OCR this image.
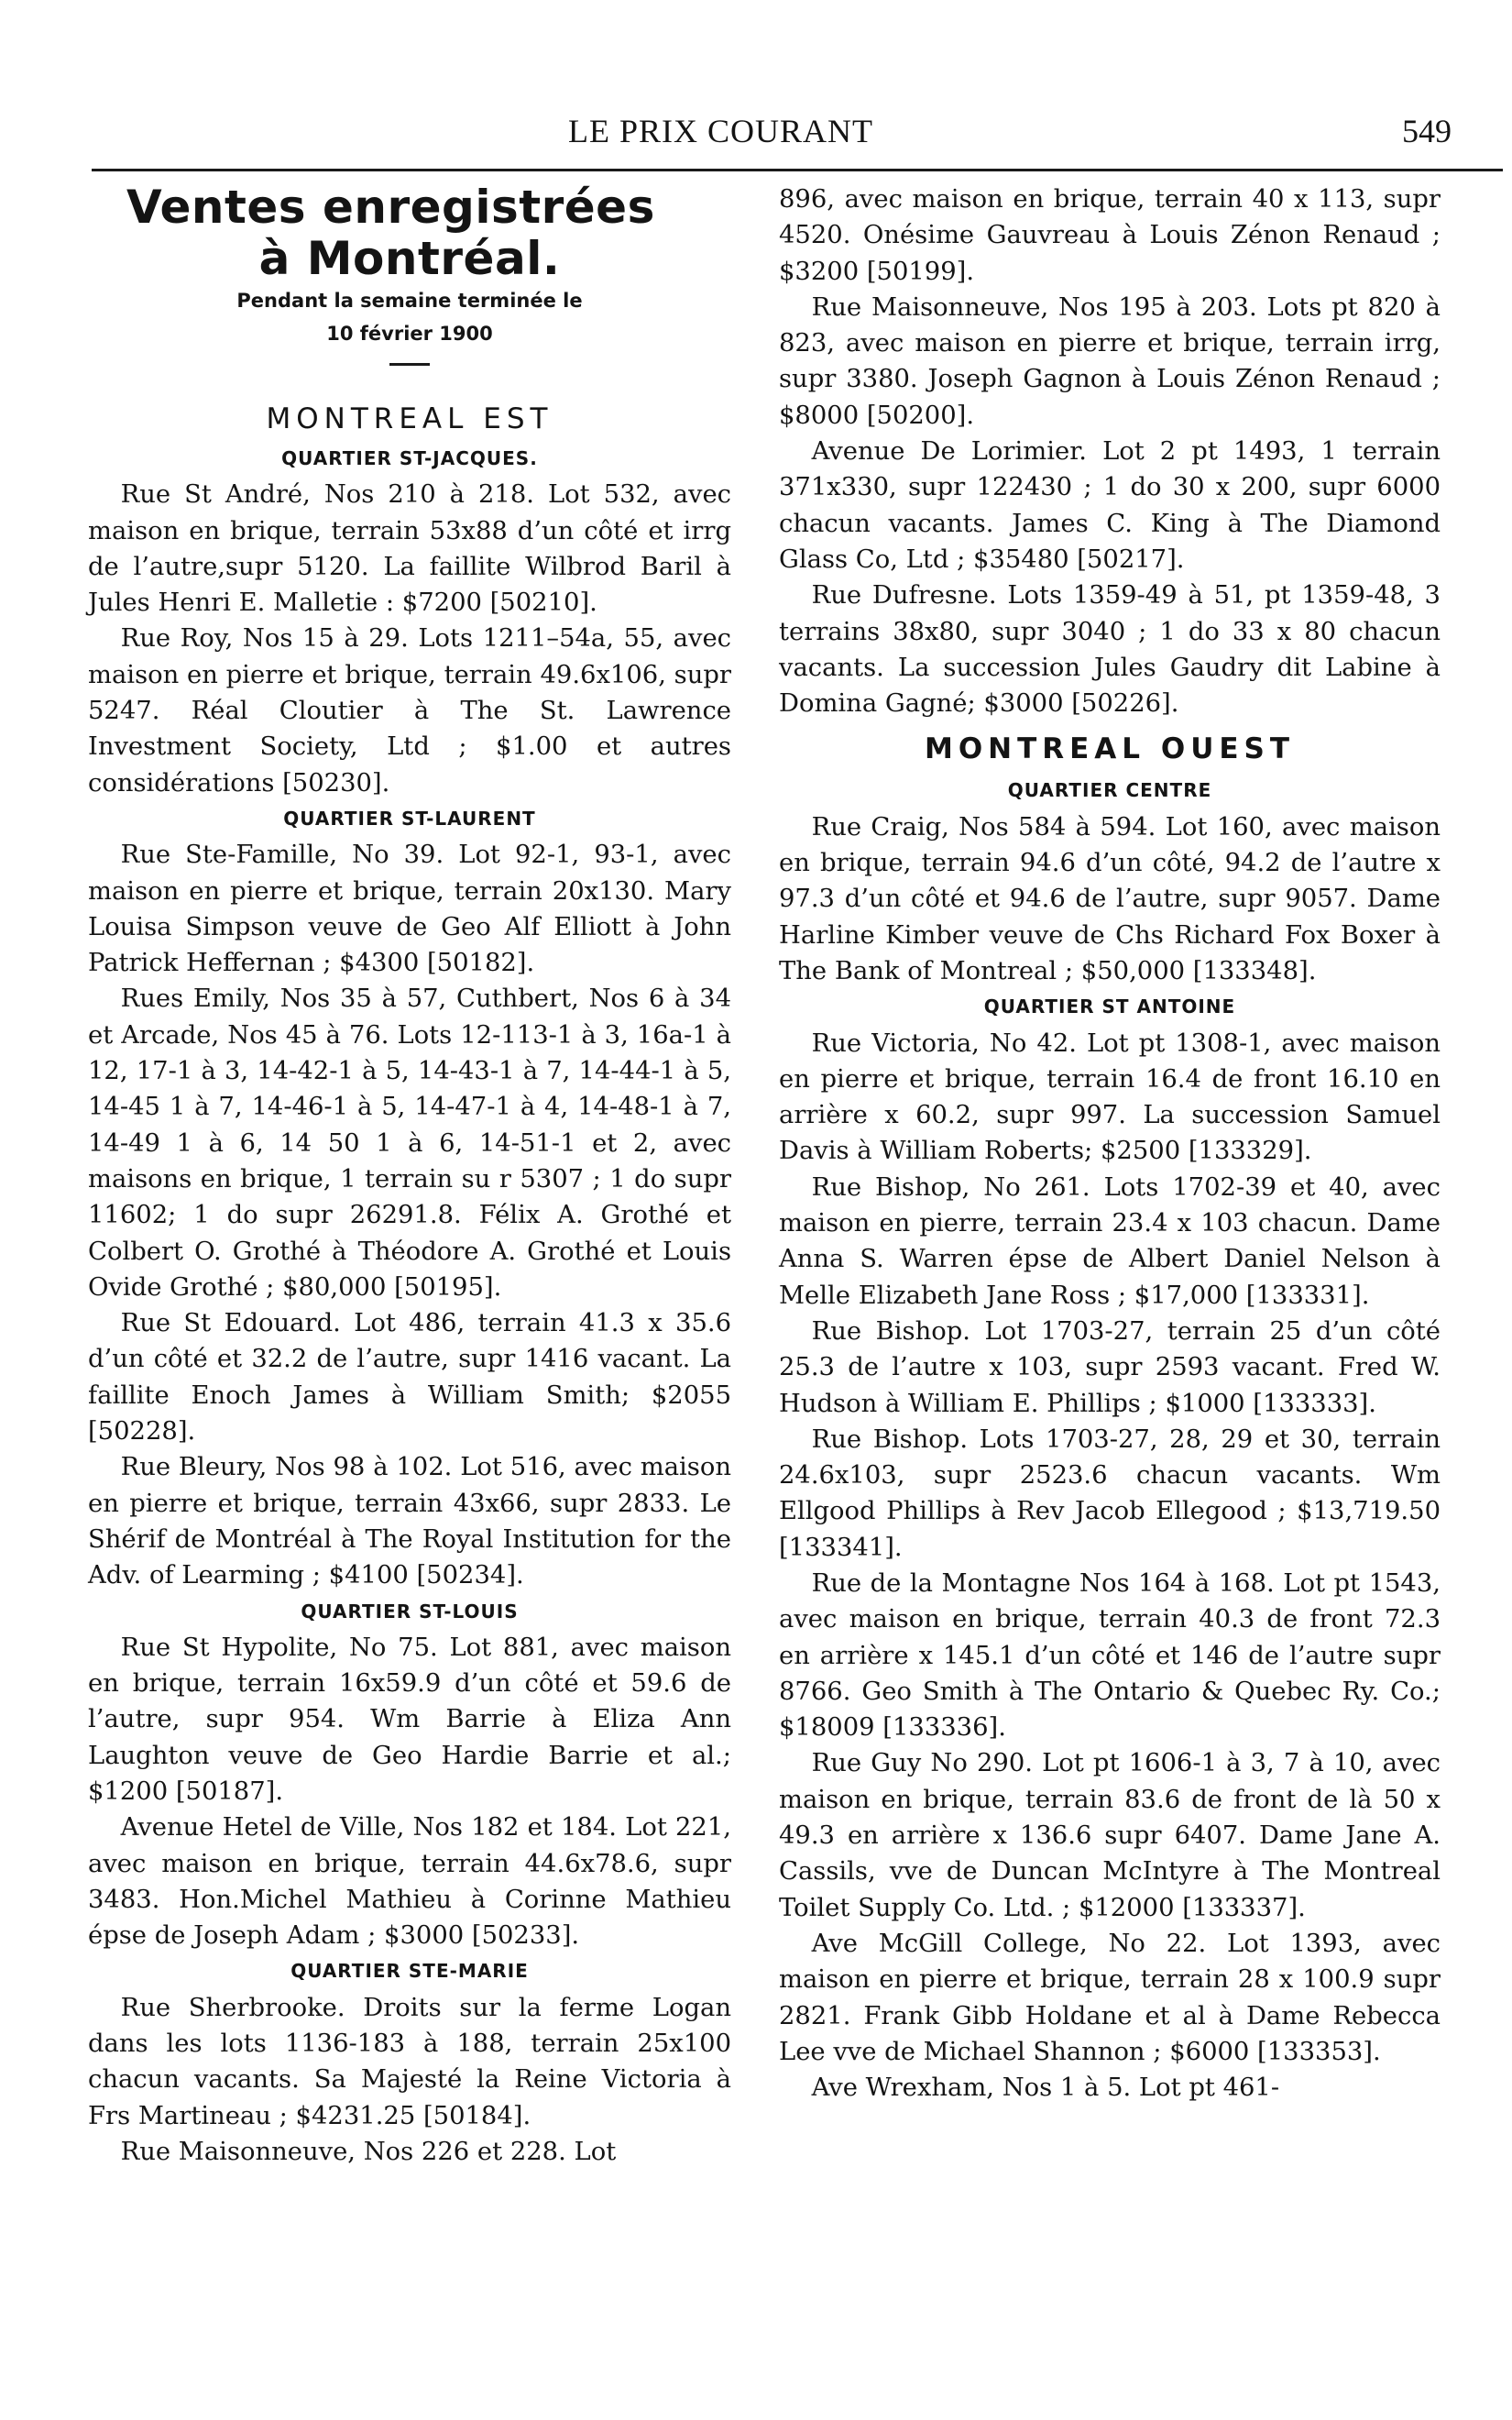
LE PRIX COURANT	549
Ventes enregistrées
à Montréal.
Pendant la semaine terminée le
10 février 1900
MONTREAL EST
QUARTIER ST-JACQUES.

Rue St André, Nos 210 à 218. Lot 532, avec maison en brique, terrain 53x88 d’un côté et irrg de l’autre,supr 5120. La faillite Wilbrod Baril à Jules Henri E. Malletie : $7200 [50210].

Rue Roy, Nos 15 à 29. Lots 1211–54a, 55, avec maison en pierre et brique, terrain 49.6x106, supr 5247. Réal Cloutier à The St. Lawrence Investment Society, Ltd ; $1.00 et autres considérations [50230].

QUARTIER ST-LAURENT

Rue Ste-Famille, No 39. Lot 92-1, 93-1, avec maison en pierre et brique, terrain 20x130. Mary Louisa Simpson veuve de Geo Alf Elliott à John Patrick Heffernan ; $4300 [50182].

Rues Emily, Nos 35 à 57, Cuthbert, Nos 6 à 34 et Arcade, Nos 45 à 76. Lots 12-113-1 à 3, 16a-1 à 12, 17-1 à 3, 14-42-1 à 5, 14-43-1 à 7, 14-44-1 à 5, 14-45 1 à 7, 14-46-1 à 5, 14-47-1 à 4, 14-48-1 à 7, 14-49 1 à 6, 14 50 1 à 6, 14-51-1 et 2, avec maisons en brique, 1 terrain su r 5307 ; 1 do supr 11602; 1 do supr 26291.8. Félix A. Grothé et Colbert O. Grothé à Théodore A. Grothé et Louis Ovide Grothé ; $80,000 [50195].

Rue St Edouard. Lot 486, terrain 41.3 x 35.6 d’un côté et 32.2 de l’autre, supr 1416 vacant. La faillite Enoch James à William Smith; $2055 [50228].

Rue Bleury, Nos 98 à 102. Lot 516, avec maison en pierre et brique, terrain 43x66, supr 2833. Le Shérif de Montréal à The Royal Institution for the Adv. of Learming ; $4100 [50234].

QUARTIER ST-LOUIS

Rue St Hypolite, No 75. Lot 881, avec maison en brique, terrain 16x59.9 d’un côté et 59.6 de l’autre, supr 954. Wm Barrie à Eliza Ann Laughton veuve de Geo Hardie Barrie et al.; $1200 [50187].

Avenue Hetel de Ville, Nos 182 et 184. Lot 221, avec maison en brique, terrain 44.6x78.6, supr 3483. Hon.Michel Mathieu à Corinne Mathieu épse de Joseph Adam ; $3000 [50233].

QUARTIER STE-MARIE

Rue Sherbrooke. Droits sur la ferme Logan dans les lots 1136-183 à 188, terrain 25x100 chacun vacants. Sa Majesté la Reine Victoria à Frs Martineau ; $4231.25 [50184].

Rue Maisonneuve, Nos 226 et 228. Lot

896, avec maison en brique, terrain 40 x 113, supr 4520. Onésime Gauvreau à Louis Zénon Renaud ; $3200 [50199].

Rue Maisonneuve, Nos 195 à 203. Lots pt 820 à 823, avec maison en pierre et brique, terrain irrg, supr 3380. Joseph Gagnon à Louis Zénon Renaud ; $8000 [50200].

Avenue De Lorimier. Lot 2 pt 1493, 1 terrain 371x330, supr 122430 ; 1 do 30 x 200, supr 6000 chacun vacants. James C. King à The Diamond Glass Co, Ltd ; $35480 [50217].

Rue Dufresne. Lots 1359-49 à 51, pt 1359-48, 3 terrains 38x80, supr 3040 ; 1 do 33 x 80 chacun vacants. La succession Jules Gaudry dit Labine à Domina Gagné; $3000 [50226].

MONTREAL OUEST
QUARTIER CENTRE

Rue Craig, Nos 584 à 594. Lot 160, avec maison en brique, terrain 94.6 d’un côté, 94.2 de l’autre x 97.3 d’un côté et 94.6 de l’autre, supr 9057. Dame Harline Kimber veuve de Chs Richard Fox Boxer à The Bank of Montreal ; $50,000 [133348].

QUARTIER ST ANTOINE

Rue Victoria, No 42. Lot pt 1308-1, avec maison en pierre et brique, terrain 16.4 de front 16.10 en arrière x 60.2, supr 997. La succession Samuel Davis à William Roberts; $2500 [133329].

Rue Bishop, No 261. Lots 1702-39 et 40, avec maison en pierre, terrain 23.4 x 103 chacun. Dame Anna S. Warren épse de Albert Daniel Nelson à Melle Elizabeth Jane Ross ; $17,000 [133331].

Rue Bishop. Lot 1703-27, terrain 25 d’un côté 25.3 de l’autre x 103, supr 2593 vacant. Fred W. Hudson à William E. Phillips ; $1000 [133333].

Rue Bishop. Lots 1703-27, 28, 29 et 30, terrain 24.6x103, supr 2523.6 chacun vacants. Wm Ellgood Phillips à Rev Jacob Ellegood ; $13,719.50 [133341].

Rue de la Montagne Nos 164 à 168. Lot pt 1543, avec maison en brique, terrain 40.3 de front 72.3 en arrière x 145.1 d’un côté et 146 de l’autre supr 8766. Geo Smith à The Ontario & Quebec Ry. Co.; $18009 [133336].

Rue Guy No 290. Lot pt 1606-1 à 3, 7 à 10, avec maison en brique, terrain 83.6 de front de là 50 x 49.3 en arrière x 136.6 supr 6407. Dame Jane A. Cassils, vve de Duncan McIntyre à The Montreal Toilet Supply Co. Ltd. ; $12000 [133337].

Ave McGill College, No 22. Lot 1393, avec maison en pierre et brique, terrain 28 x 100.9 supr 2821. Frank Gibb Holdane et al à Dame Rebecca Lee vve de Michael Shannon ; $6000 [133353].

Ave Wrexham, Nos 1 à 5. Lot pt 461-
